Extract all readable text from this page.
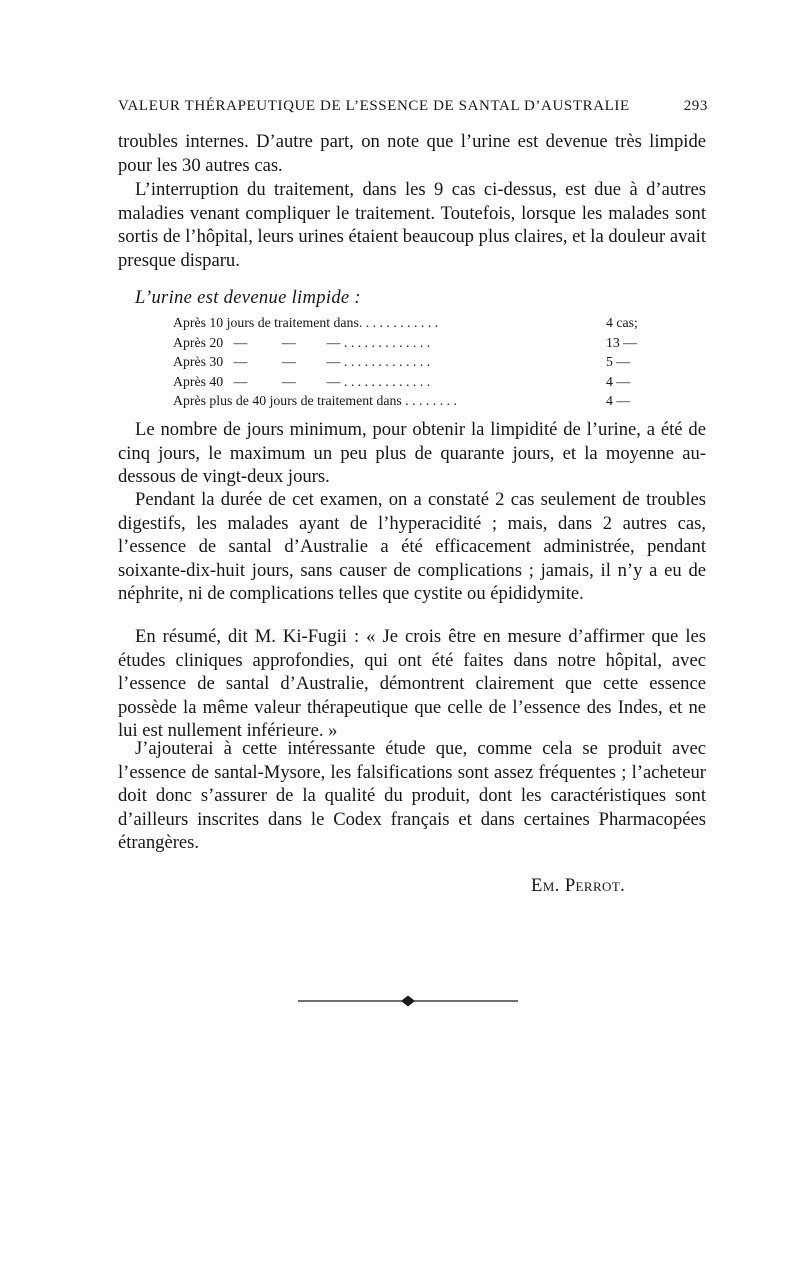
VALEUR THÉRAPEUTIQUE DE L’ESSENCE DE SANTAL D’AUSTRALIE	293

troubles internes. D’autre part, on note que l’urine est devenue très limpide pour les 30 autres cas.

L’interruption du traitement, dans les 9 cas ci-dessus, est due à d’autres maladies venant compliquer le traitement. Toutefois, lorsque les malades sont sortis de l’hôpital, leurs urines étaient beaucoup plus claires, et la douleur avait presque disparu.

L’urine est devenue limpide :
Après 10 jours de traitement dans. . . . . . . . . . . .	4 cas;
Après 20   —          —         — . . . . . . . . . . . . .	13 —
Après 30   —          —         — . . . . . . . . . . . . .	5 —
Après 40   —          —         — . . . . . . . . . . . . .	4 —
Après plus de 40 jours de traitement dans . . . . . . . .	4 —

Le nombre de jours minimum, pour obtenir la limpidité de l’urine, a été de cinq jours, le maximum un peu plus de quarante jours, et la moyenne au-dessous de vingt-deux jours.

Pendant la durée de cet examen, on a constaté 2 cas seulement de troubles digestifs, les malades ayant de l’hyperacidité ; mais, dans 2 autres cas, l’essence de santal d’Australie a été efficacement administrée, pendant soixante-dix-huit jours, sans causer de complications ; jamais, il n’y a eu de néphrite, ni de complications telles que cystite ou épididymite.

En résumé, dit M. Ki-Fugii : « Je crois être en mesure d’affirmer que les études cliniques approfondies, qui ont été faites dans notre hôpital, avec l’essence de santal d’Australie, démontrent clairement que cette essence possède la même valeur thérapeutique que celle de l’essence des Indes, et ne lui est nullement inférieure. »

J’ajouterai à cette intéressante étude que, comme cela se produit avec l’essence de santal-Mysore, les falsifications sont assez fréquentes ; l’acheteur doit donc s’assurer de la qualité du produit, dont les caractéristiques sont d’ailleurs inscrites dans le Codex français et dans certaines Pharmacopées étrangères.

Em. Perrot.
